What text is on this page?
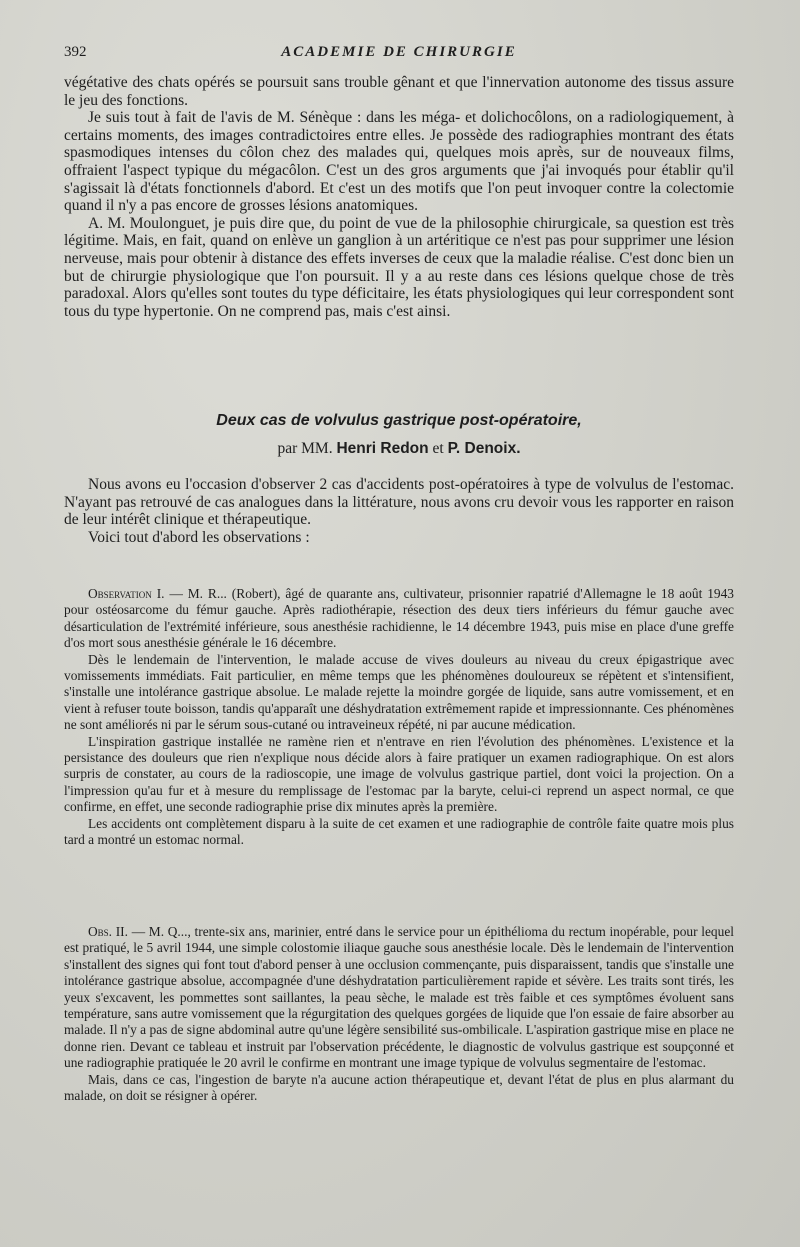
392	ACADEMIE DE CHIRURGIE

végétative des chats opérés se poursuit sans trouble gênant et que l'innervation autonome des tissus assure le jeu des fonctions.

Je suis tout à fait de l'avis de M. Sénèque : dans les méga- et dolichocôlons, on a radiologiquement, à certains moments, des images contradictoires entre elles. Je possède des radiographies montrant des états spasmodiques intenses du côlon chez des malades qui, quelques mois après, sur de nouveaux films, offraient l'aspect typique du mégacôlon. C'est un des gros arguments que j'ai invoqués pour établir qu'il s'agissait là d'états fonctionnels d'abord. Et c'est un des motifs que l'on peut invoquer contre la colectomie quand il n'y a pas encore de grosses lésions anatomiques.

A. M. Moulonguet, je puis dire que, du point de vue de la philosophie chirurgicale, sa question est très légitime. Mais, en fait, quand on enlève un ganglion à un artéritique ce n'est pas pour supprimer une lésion nerveuse, mais pour obtenir à distance des effets inverses de ceux que la maladie réalise. C'est donc bien un but de chirurgie physiologique que l'on poursuit. Il y a au reste dans ces lésions quelque chose de très paradoxal. Alors qu'elles sont toutes du type déficitaire, les états physiologiques qui leur correspondent sont tous du type hypertonie. On ne comprend pas, mais c'est ainsi.

Deux cas de volvulus gastrique post-opératoire,
par MM. Henri Redon et P. Denoix.

Nous avons eu l'occasion d'observer 2 cas d'accidents post-opératoires à type de volvulus de l'estomac. N'ayant pas retrouvé de cas analogues dans la littérature, nous avons cru devoir vous les rapporter en raison de leur intérêt clinique et thérapeutique.

Voici tout d'abord les observations :

Observation I. — M. R... (Robert), âgé de quarante ans, cultivateur, prisonnier rapatrié d'Allemagne le 18 août 1943 pour ostéosarcome du fémur gauche. Après radiothérapie, résection des deux tiers inférieurs du fémur gauche avec désarticulation de l'extrémité inférieure, sous anesthésie rachidienne, le 14 décembre 1943, puis mise en place d'une greffe d'os mort sous anesthésie générale le 16 décembre.

Dès le lendemain de l'intervention, le malade accuse de vives douleurs au niveau du creux épigastrique avec vomissements immédiats. Fait particulier, en même temps que les phénomènes douloureux se répètent et s'intensifient, s'installe une intolérance gastrique absolue. Le malade rejette la moindre gorgée de liquide, sans autre vomissement, et en vient à refuser toute boisson, tandis qu'apparaît une déshydratation extrêmement rapide et impressionnante. Ces phénomènes ne sont améliorés ni par le sérum sous-cutané ou intraveineux répété, ni par aucune médication.

L'inspiration gastrique installée ne ramène rien et n'entrave en rien l'évolution des phénomènes. L'existence et la persistance des douleurs que rien n'explique nous décide alors à faire pratiquer un examen radiographique. On est alors surpris de constater, au cours de la radioscopie, une image de volvulus gastrique partiel, dont voici la projection. On a l'impression qu'au fur et à mesure du remplissage de l'estomac par la baryte, celui-ci reprend un aspect normal, ce que confirme, en effet, une seconde radiographie prise dix minutes après la première.

Les accidents ont complètement disparu à la suite de cet examen et une radiographie de contrôle faite quatre mois plus tard a montré un estomac normal.

Obs. II. — M. Q..., trente-six ans, marinier, entré dans le service pour un épithélioma du rectum inopérable, pour lequel est pratiqué, le 5 avril 1944, une simple colostomie iliaque gauche sous anesthésie locale. Dès le lendemain de l'intervention s'installent des signes qui font tout d'abord penser à une occlusion commençante, puis disparaissent, tandis que s'installe une intolérance gastrique absolue, accompagnée d'une déshydratation particulièrement rapide et sévère. Les traits sont tirés, les yeux s'excavent, les pommettes sont saillantes, la peau sèche, le malade est très faible et ces symptômes évoluent sans température, sans autre vomissement que la régurgitation des quelques gorgées de liquide que l'on essaie de faire absorber au malade. Il n'y a pas de signe abdominal autre qu'une légère sensibilité sus-ombilicale. L'aspiration gastrique mise en place ne donne rien. Devant ce tableau et instruit par l'observation précédente, le diagnostic de volvulus gastrique est soupçonné et une radiographie pratiquée le 20 avril le confirme en montrant une image typique de volvulus segmentaire de l'estomac.

Mais, dans ce cas, l'ingestion de baryte n'a aucune action thérapeutique et, devant l'état de plus en plus alarmant du malade, on doit se résigner à opérer.
